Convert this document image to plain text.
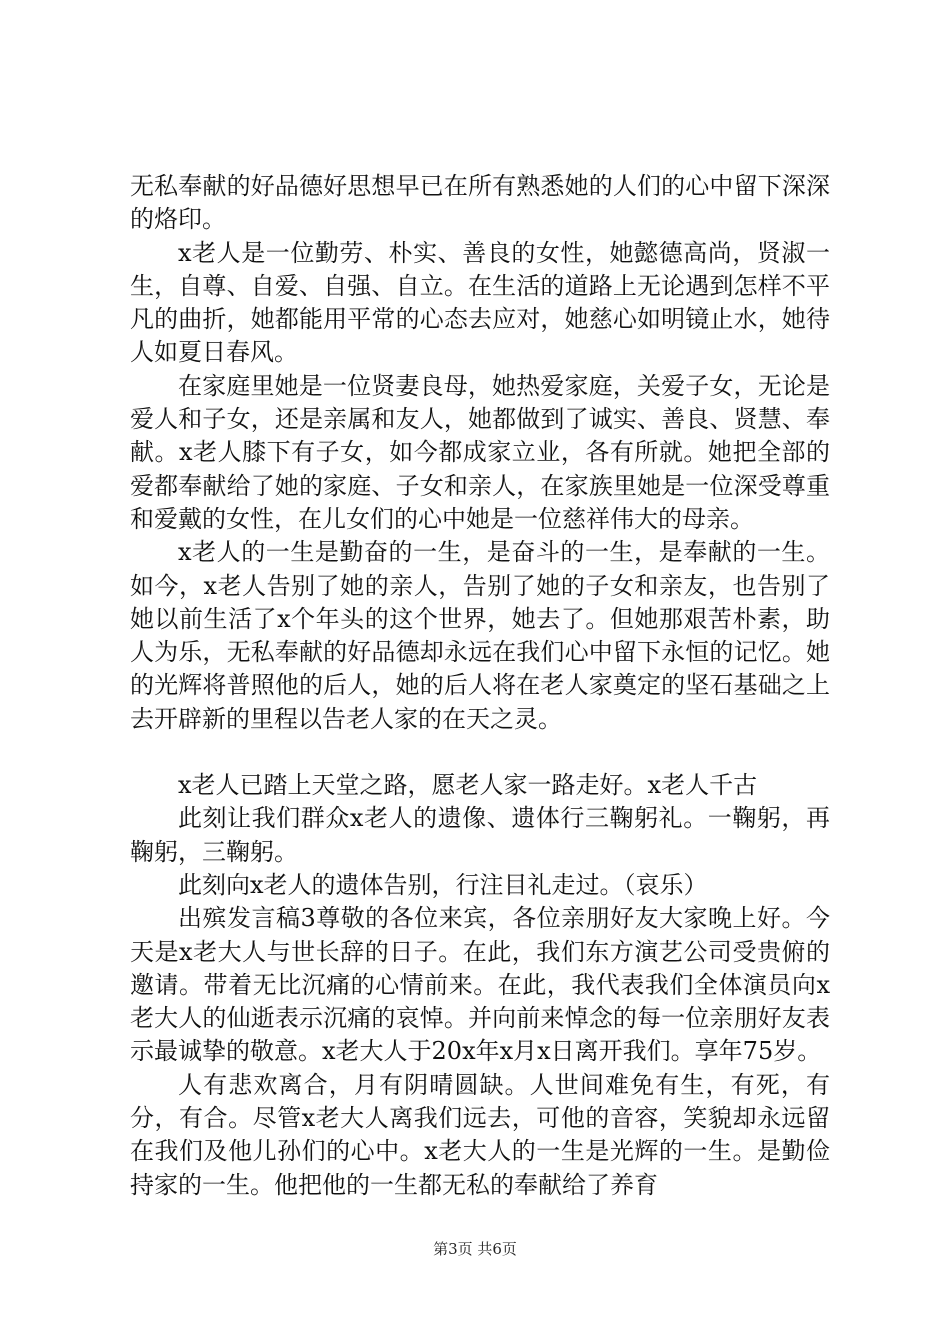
无私奉献的好品德好思想早已在所有熟悉她的人们的心中留下深深的烙印。

x老人是一位勤劳、朴实、善良的女性，她懿德高尚，贤淑一生，自尊、自爱、自强、自立。在生活的道路上无论遇到怎样不平凡的曲折，她都能用平常的心态去应对，她慈心如明镜止水，她待人如夏日春风。

在家庭里她是一位贤妻良母，她热爱家庭，关爱子女，无论是爱人和子女，还是亲属和友人，她都做到了诚实、善良、贤慧、奉献。x老人膝下有子女，如今都成家立业，各有所就。她把全部的爱都奉献给了她的家庭、子女和亲人，在家族里她是一位深受尊重和爱戴的女性，在儿女们的心中她是一位慈祥伟大的母亲。

x老人的一生是勤奋的一生，是奋斗的一生，是奉献的一生。如今，x老人告别了她的亲人，告别了她的子女和亲友，也告别了她以前生活了x个年头的这个世界，她去了。但她那艰苦朴素，助人为乐，无私奉献的好品德却永远在我们心中留下永恒的记忆。她的光辉将普照他的后人，她的后人将在老人家奠定的坚石基础之上去开辟新的里程以告老人家的在天之灵。

x老人已踏上天堂之路，愿老人家一路走好。x老人千古

此刻让我们群众x老人的遗像、遗体行三鞠躬礼。一鞠躬，再鞠躬，三鞠躬。

此刻向x老人的遗体告别，行注目礼走过。（哀乐）

出殡发言稿3尊敬的各位来宾，各位亲朋好友大家晚上好。今天是x老大人与世长辞的日子。在此，我们东方演艺公司受贵俯的邀请。带着无比沉痛的心情前来。在此，我代表我们全体演员向x老大人的仙逝表示沉痛的哀悼。并向前来悼念的每一位亲朋好友表示最诚挚的敬意。x老大人于20x年x月x日离开我们。享年75岁。

人有悲欢离合，月有阴晴圆缺。人世间难免有生，有死，有分，有合。尽管x老大人离我们远去，可他的音容，笑貌却永远留在我们及他儿孙们的心中。x老大人的一生是光辉的一生。是勤俭持家的一生。他把他的一生都无私的奉献给了养育

第3页 共6页
